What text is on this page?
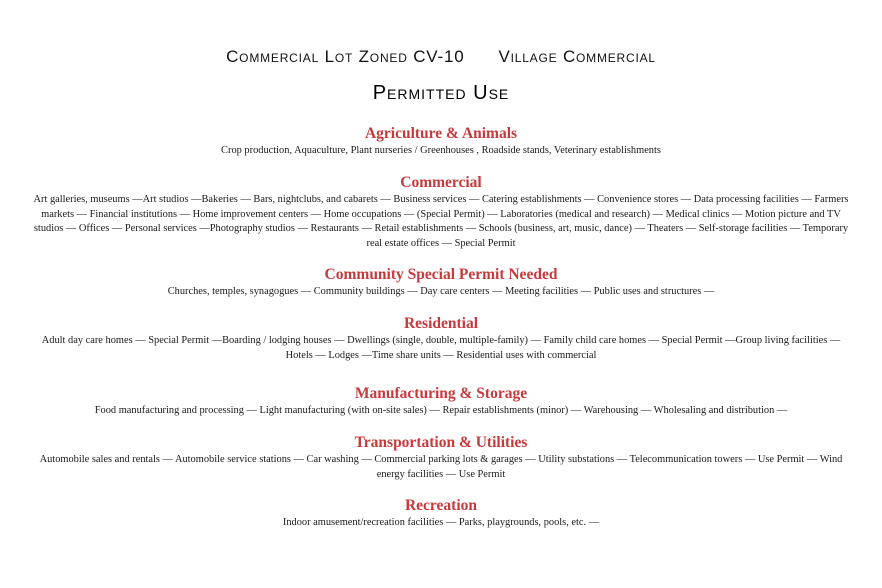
Commercial Lot Zoned CV-10 Village Commercial
Permitted Use
Agriculture & Animals

Crop production, Aquaculture, Plant nurseries / Greenhouses , Roadside stands, Veterinary establishments

Commercial

Art galleries, museums —Art studios —Bakeries — Bars, nightclubs, and cabarets — Business services — Catering establishments — Convenience stores — Data processing facilities — Farmers markets — Financial institutions — Home improvement centers — Home occupations — (Special Permit) — Laboratories (medical and research) — Medical clinics — Motion picture and TV studios — Offices — Personal services —Photography studios — Restaurants — Retail establishments — Schools (business, art, music, dance) — Theaters — Self-storage facilities — Temporary real estate offices — Special Permit

Community Special Permit Needed

Churches, temples, synagogues — Community buildings — Day care centers — Meeting facilities — Public uses and structures —

Residential

Adult day care homes — Special Permit —Boarding / lodging houses — Dwellings (single, double, multiple-family) — Family child care homes — Special Permit —Group living facilities — Hotels — Lodges —Time share units — Residential uses with commercial

Manufacturing & Storage

Food manufacturing and processing — Light manufacturing (with on-site sales) — Repair establishments (minor) — Warehousing — Wholesaling and distribution —

Transportation & Utilities

Automobile sales and rentals — Automobile service stations — Car washing — Commercial parking lots & garages — Utility substations — Telecommunication towers — Use Permit — Wind energy facilities — Use Permit

Recreation

Indoor amusement/recreation facilities — Parks, playgrounds, pools, etc. —
